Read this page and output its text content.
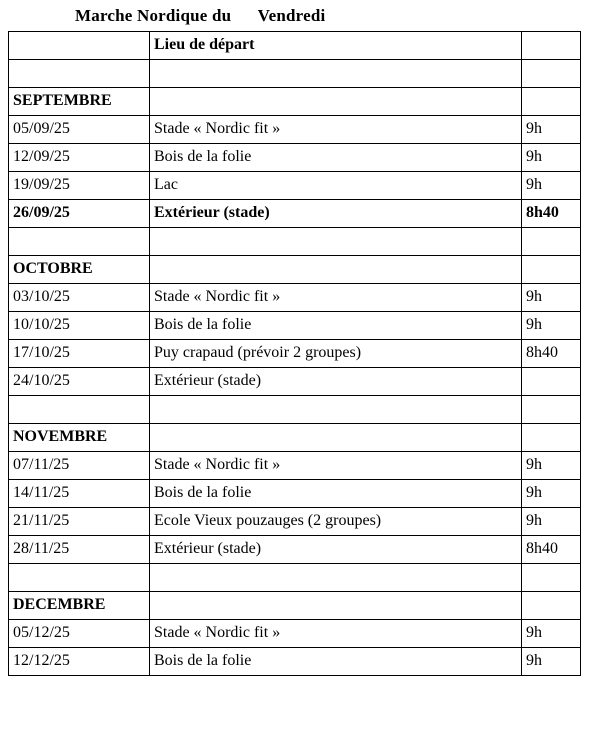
Marche Nordique du      Vendredi
	Lieu de départ	

SEPTEMBRE		
05/09/25	Stade « Nordic fit »	9h
12/09/25	Bois de la folie	9h
19/09/25	Lac	9h
26/09/25	Extérieur (stade)	8h40

OCTOBRE		
03/10/25	Stade « Nordic fit »	9h
10/10/25	Bois de la folie	9h
17/10/25	Puy crapaud (prévoir 2 groupes)	8h40
24/10/25	Extérieur (stade)	

NOVEMBRE		
07/11/25	Stade « Nordic fit »	9h
14/11/25	Bois de la folie	9h
21/11/25	Ecole Vieux pouzauges (2 groupes)	9h
28/11/25	Extérieur (stade)	8h40

DECEMBRE		
05/12/25	Stade « Nordic fit »	9h
12/12/25	Bois de la folie	9h
